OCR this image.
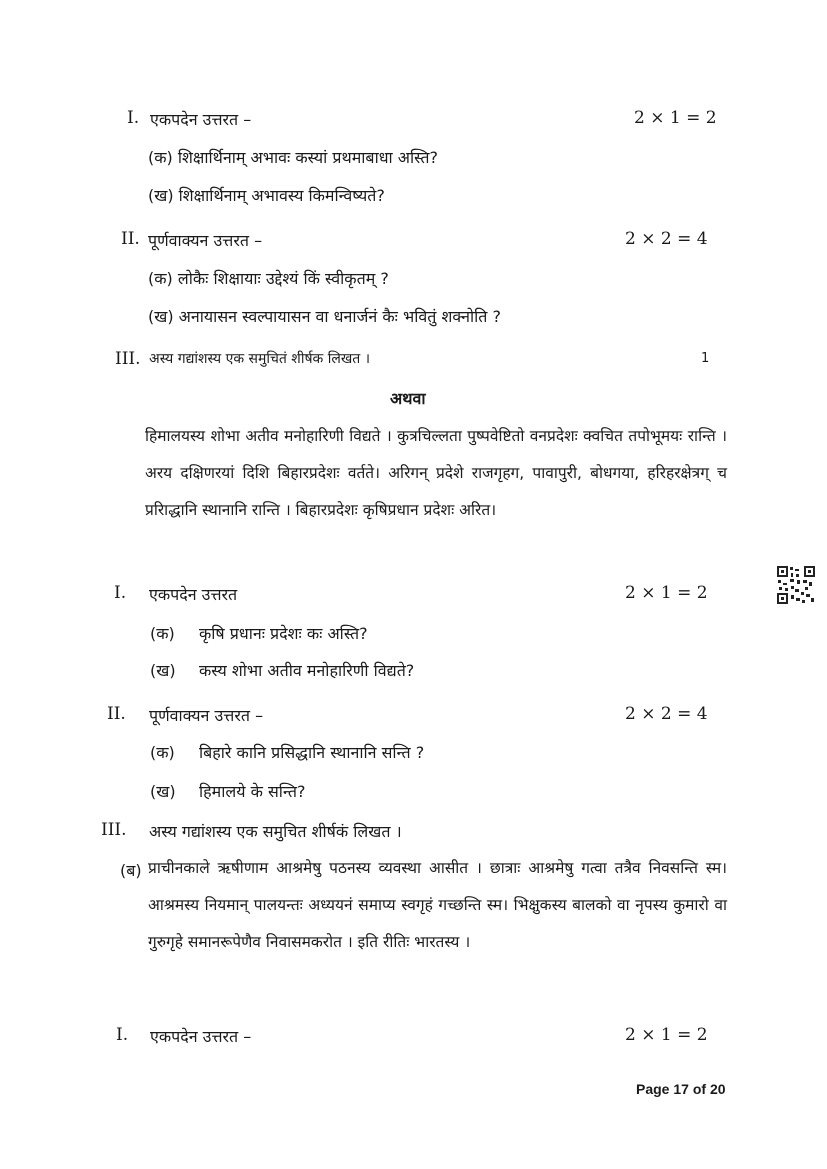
I. एकपदेन उत्तरत –	2 × 1 = 2
(क) शिक्षार्थिनाम् अभावः कस्यां प्रथमाबाधा अस्ति?
(ख) शिक्षार्थिनाम् अभावस्य किमन्विष्यते?
II. पूर्णवाक्यन उत्तरत –	2 × 2 = 4
(क) लोकैः शिक्षायाः उद्देश्यं किं स्वीकृतम् ?
(ख) अनायासन स्वल्पायासन वा धनार्जनं कैः भवितुं शक्नोति ?
III. अस्य गद्यांशस्य एक समुचितं शीर्षक लिखत ।	1
अथवा
हिमालयस्य शोभा अतीव मनोहारिणी विद्यते । कुत्रचिल्लता पुष्पवेष्टितो वनप्रदेशः क्वचित तपोभूमयः रान्ति । अरय दक्षिणरयां दिशि बिहारप्रदेशः वर्तते। अरिगन् प्रदेशे राजगृहग, पावापुरी, बोधगया, हरिहरक्षेत्रग् च प्ररािद्धानि स्थानानि रान्ति । बिहारप्रदेशः कृषिप्रधान प्रदेशः अरित।
I. एकपदेन उत्तरत	2 × 1 = 2
(क) कृषि प्रधानः प्रदेशः कः अस्ति?
(ख) कस्य शोभा अतीव मनोहारिणी विद्यते?
II. पूर्णवाक्यन उत्तरत –	2 × 2 = 4
(क) बिहारे कानि प्रसिद्धानि स्थानानि सन्ति ?
(ख) हिमालये के सन्ति?
III. अस्य गद्यांशस्य एक समुचित शीर्षकं लिखत ।
(ब) प्राचीनकाले ऋषीणाम आश्रमेषु पठनस्य व्यवस्था आसीत । छात्राः आश्रमेषु गत्वा तत्रैव निवसन्ति स्म। आश्रमस्य नियमान् पालयन्तः अध्ययनं समाप्य स्वगृहं गच्छन्ति स्म। भिक्षुकस्य बालको वा नृपस्य कुमारो वा गुरुगृहे समानरूपेणैव निवासमकरोत । इति रीतिः भारतस्य ।
I. एकपदेन उत्तरत –	2 × 1 = 2
Page 17 of 20
